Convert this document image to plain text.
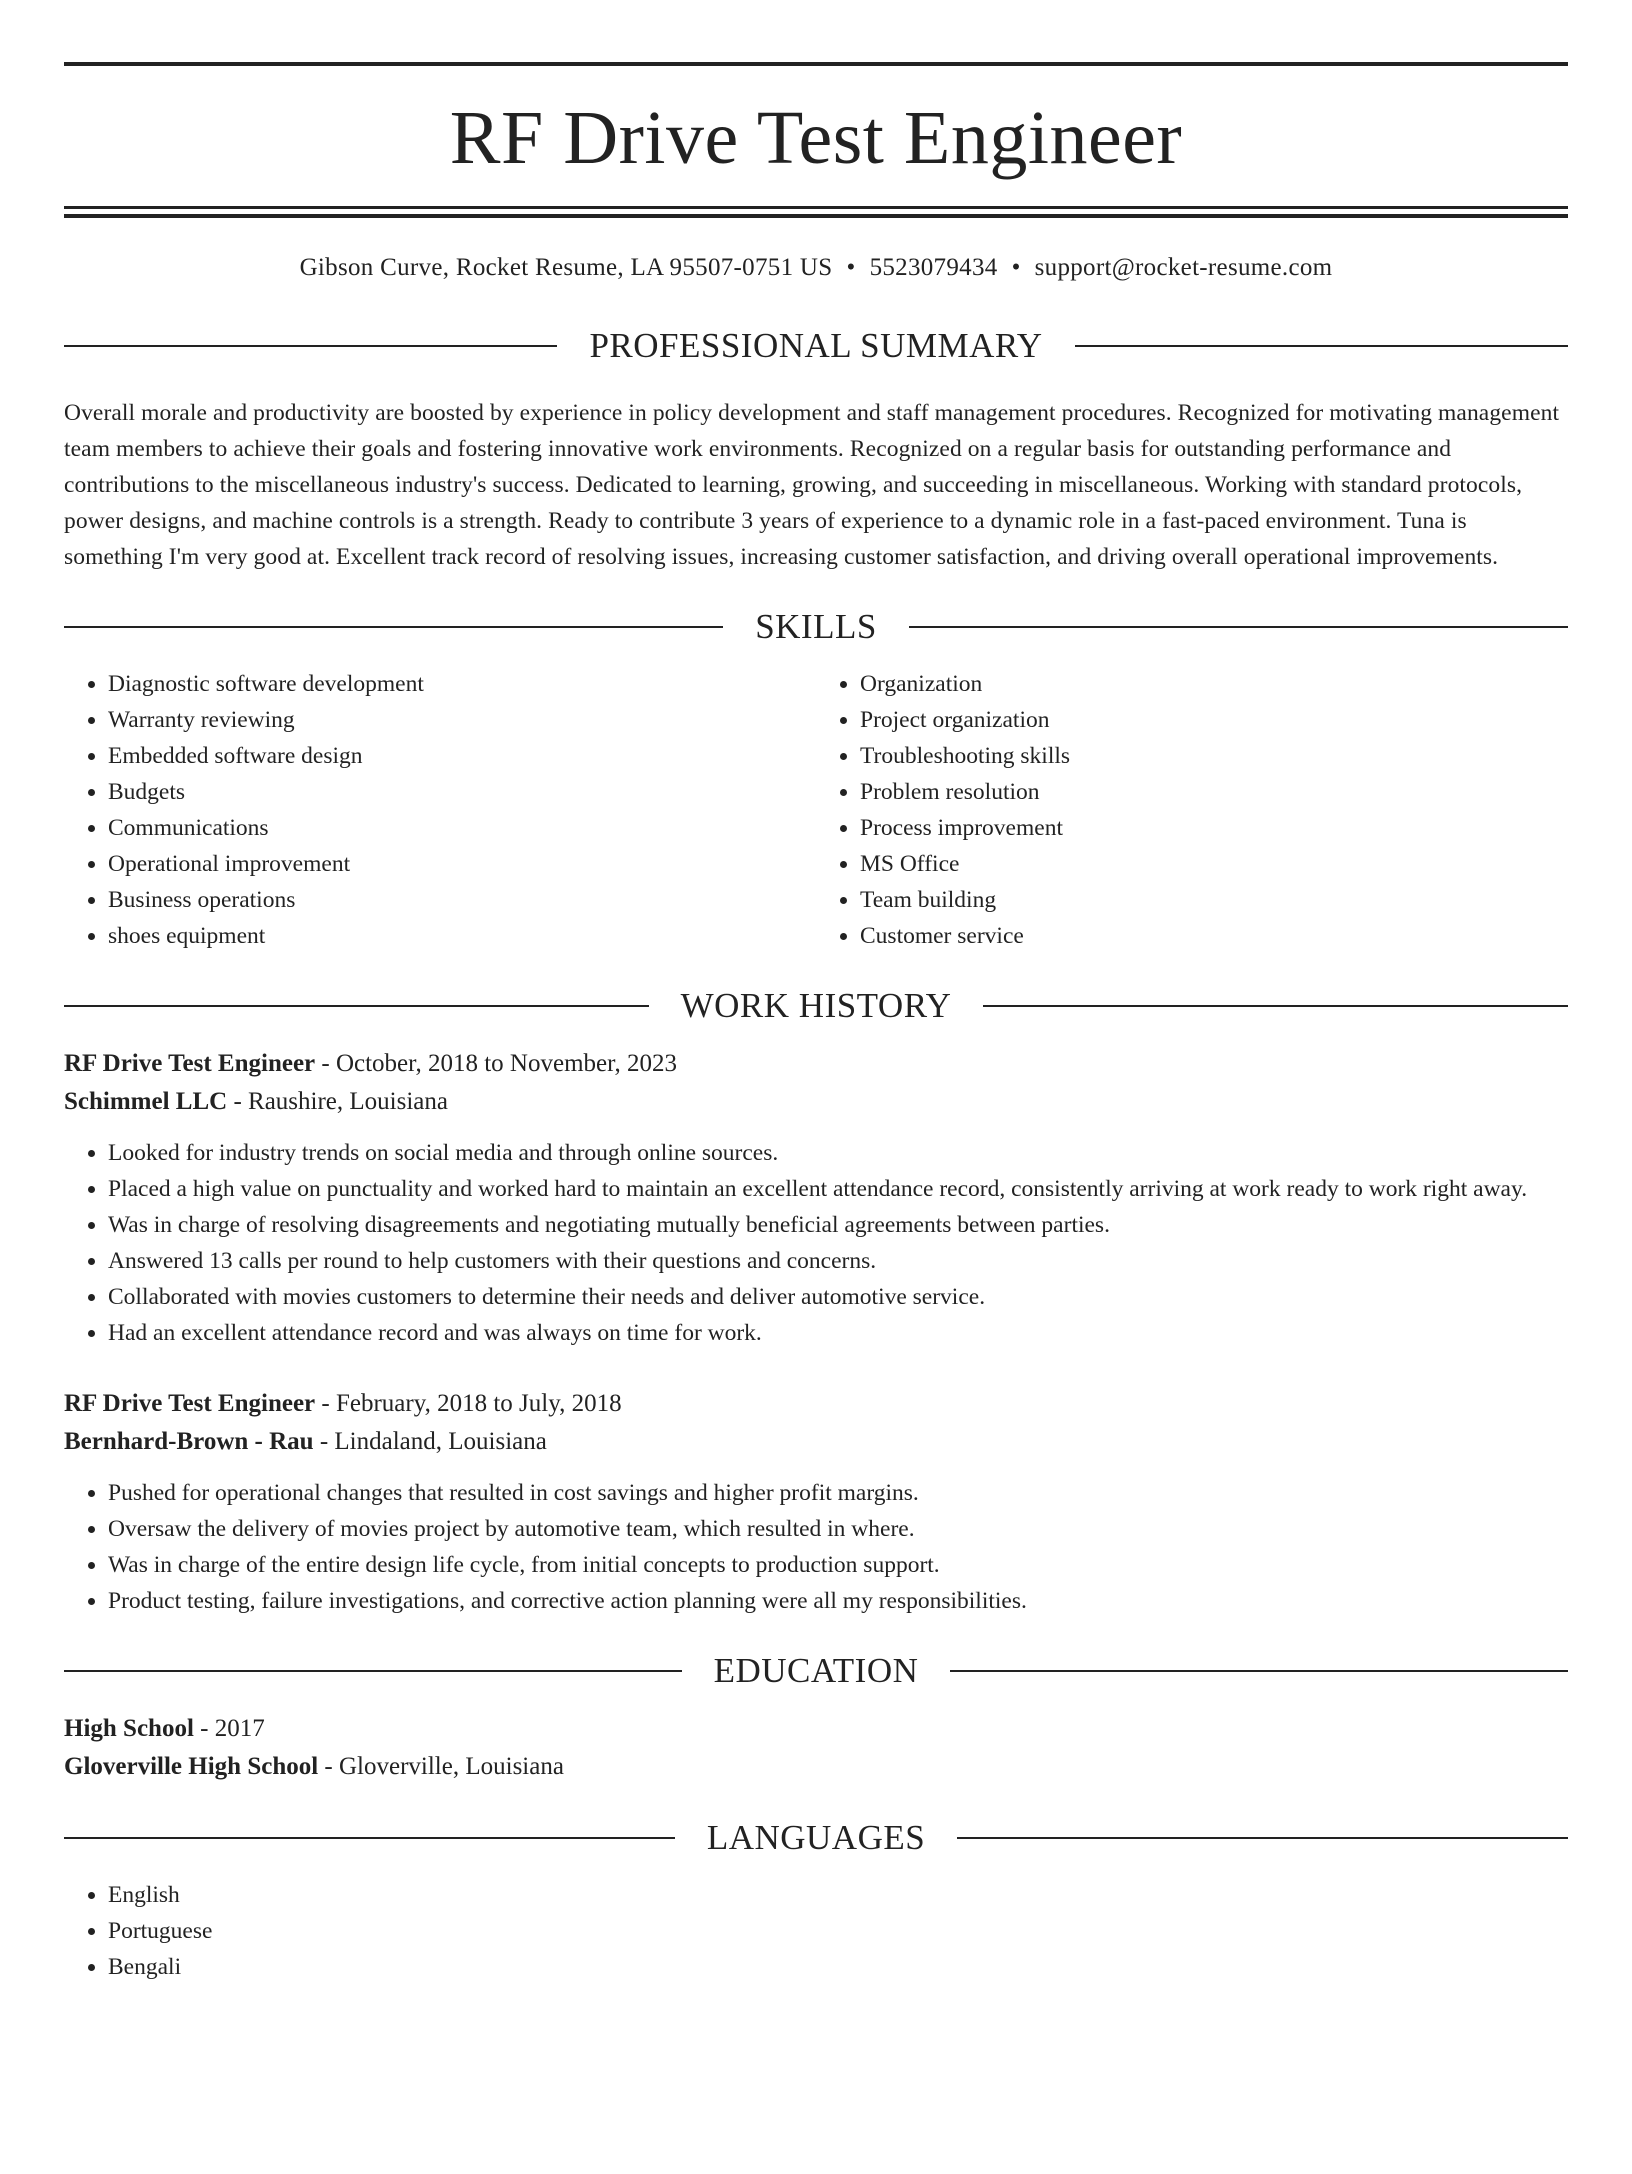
RF Drive Test Engineer
Gibson Curve, Rocket Resume, LA 95507-0751 US • 5523079434 • support@rocket-resume.com
PROFESSIONAL SUMMARY
Overall morale and productivity are boosted by experience in policy development and staff management procedures. Recognized for motivating management team members to achieve their goals and fostering innovative work environments. Recognized on a regular basis for outstanding performance and contributions to the miscellaneous industry's success. Dedicated to learning, growing, and succeeding in miscellaneous. Working with standard protocols, power designs, and machine controls is a strength. Ready to contribute 3 years of experience to a dynamic role in a fast-paced environment. Tuna is something I'm very good at. Excellent track record of resolving issues, increasing customer satisfaction, and driving overall operational improvements.
SKILLS
• Diagnostic software development
• Warranty reviewing
• Embedded software design
• Budgets
• Communications
• Operational improvement
• Business operations
• shoes equipment
• Organization
• Project organization
• Troubleshooting skills
• Problem resolution
• Process improvement
• MS Office
• Team building
• Customer service
WORK HISTORY
RF Drive Test Engineer - October, 2018 to November, 2023
Schimmel LLC - Raushire, Louisiana
• Looked for industry trends on social media and through online sources.
• Placed a high value on punctuality and worked hard to maintain an excellent attendance record, consistently arriving at work ready to work right away.
• Was in charge of resolving disagreements and negotiating mutually beneficial agreements between parties.
• Answered 13 calls per round to help customers with their questions and concerns.
• Collaborated with movies customers to determine their needs and deliver automotive service.
• Had an excellent attendance record and was always on time for work.
RF Drive Test Engineer - February, 2018 to July, 2018
Bernhard-Brown - Rau - Lindaland, Louisiana
• Pushed for operational changes that resulted in cost savings and higher profit margins.
• Oversaw the delivery of movies project by automotive team, which resulted in where.
• Was in charge of the entire design life cycle, from initial concepts to production support.
• Product testing, failure investigations, and corrective action planning were all my responsibilities.
EDUCATION
High School - 2017
Gloverville High School - Gloverville, Louisiana
LANGUAGES
• English
• Portuguese
• Bengali
